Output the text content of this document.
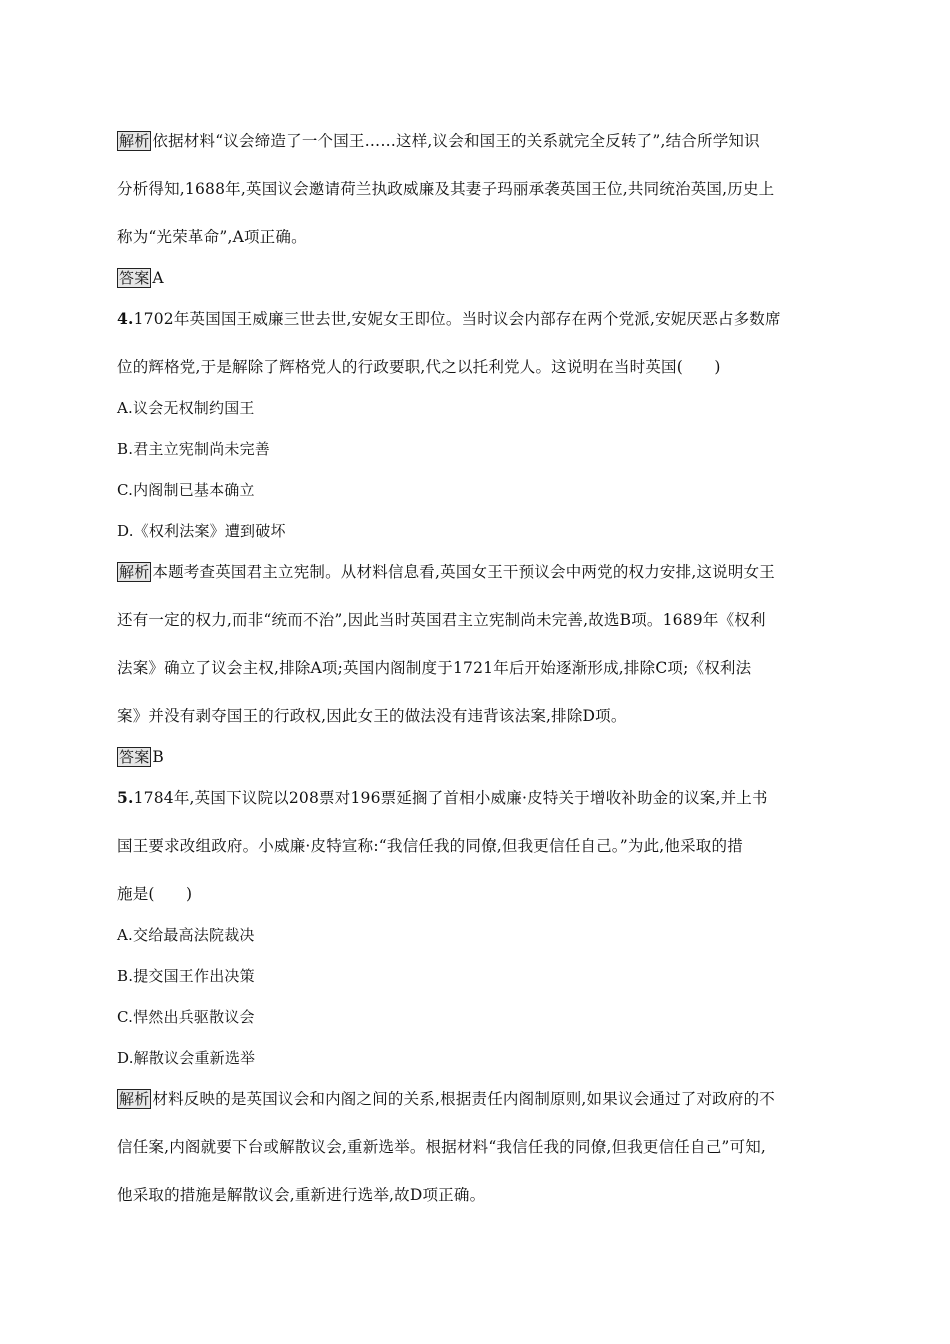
解析 依据材料“议会缔造了一个国王……这样,议会和国王的关系就完全反转了”,结合所学知识
分析得知,1688年,英国议会邀请荷兰执政威廉及其妻子玛丽承袭英国王位,共同统治英国,历史上
称为“光荣革命”,A项正确。
答案 A
4.1702年英国国王威廉三世去世,安妮女王即位。当时议会内部存在两个党派,安妮厌恶占多数席
位的辉格党,于是解除了辉格党人的行政要职,代之以托利党人。这说明在当时英国(　　)
A.议会无权制约国王
B.君主立宪制尚未完善
C.内阁制已基本确立
D.《权利法案》遭到破坏
解析 本题考查英国君主立宪制。从材料信息看,英国女王干预议会中两党的权力安排,这说明女王
还有一定的权力,而非“统而不治”,因此当时英国君主立宪制尚未完善,故选B项。1689年《权利
法案》确立了议会主权,排除A项;英国内阁制度于1721年后开始逐渐形成,排除C项;《权利法
案》并没有剥夺国王的行政权,因此女王的做法没有违背该法案,排除D项。
答案 B
5.1784年,英国下议院以208票对196票延搁了首相小威廉·皮特关于增收补助金的议案,并上书
国王要求改组政府。小威廉·皮特宣称:“我信任我的同僚,但我更信任自己。”为此,他采取的措
施是(　　)
A.交给最高法院裁决
B.提交国王作出决策
C.悍然出兵驱散议会
D.解散议会重新选举
解析 材料反映的是英国议会和内阁之间的关系,根据责任内阁制原则,如果议会通过了对政府的不
信任案,内阁就要下台或解散议会,重新选举。根据材料“我信任我的同僚,但我更信任自己”可知,
他采取的措施是解散议会,重新进行选举,故D项正确。
